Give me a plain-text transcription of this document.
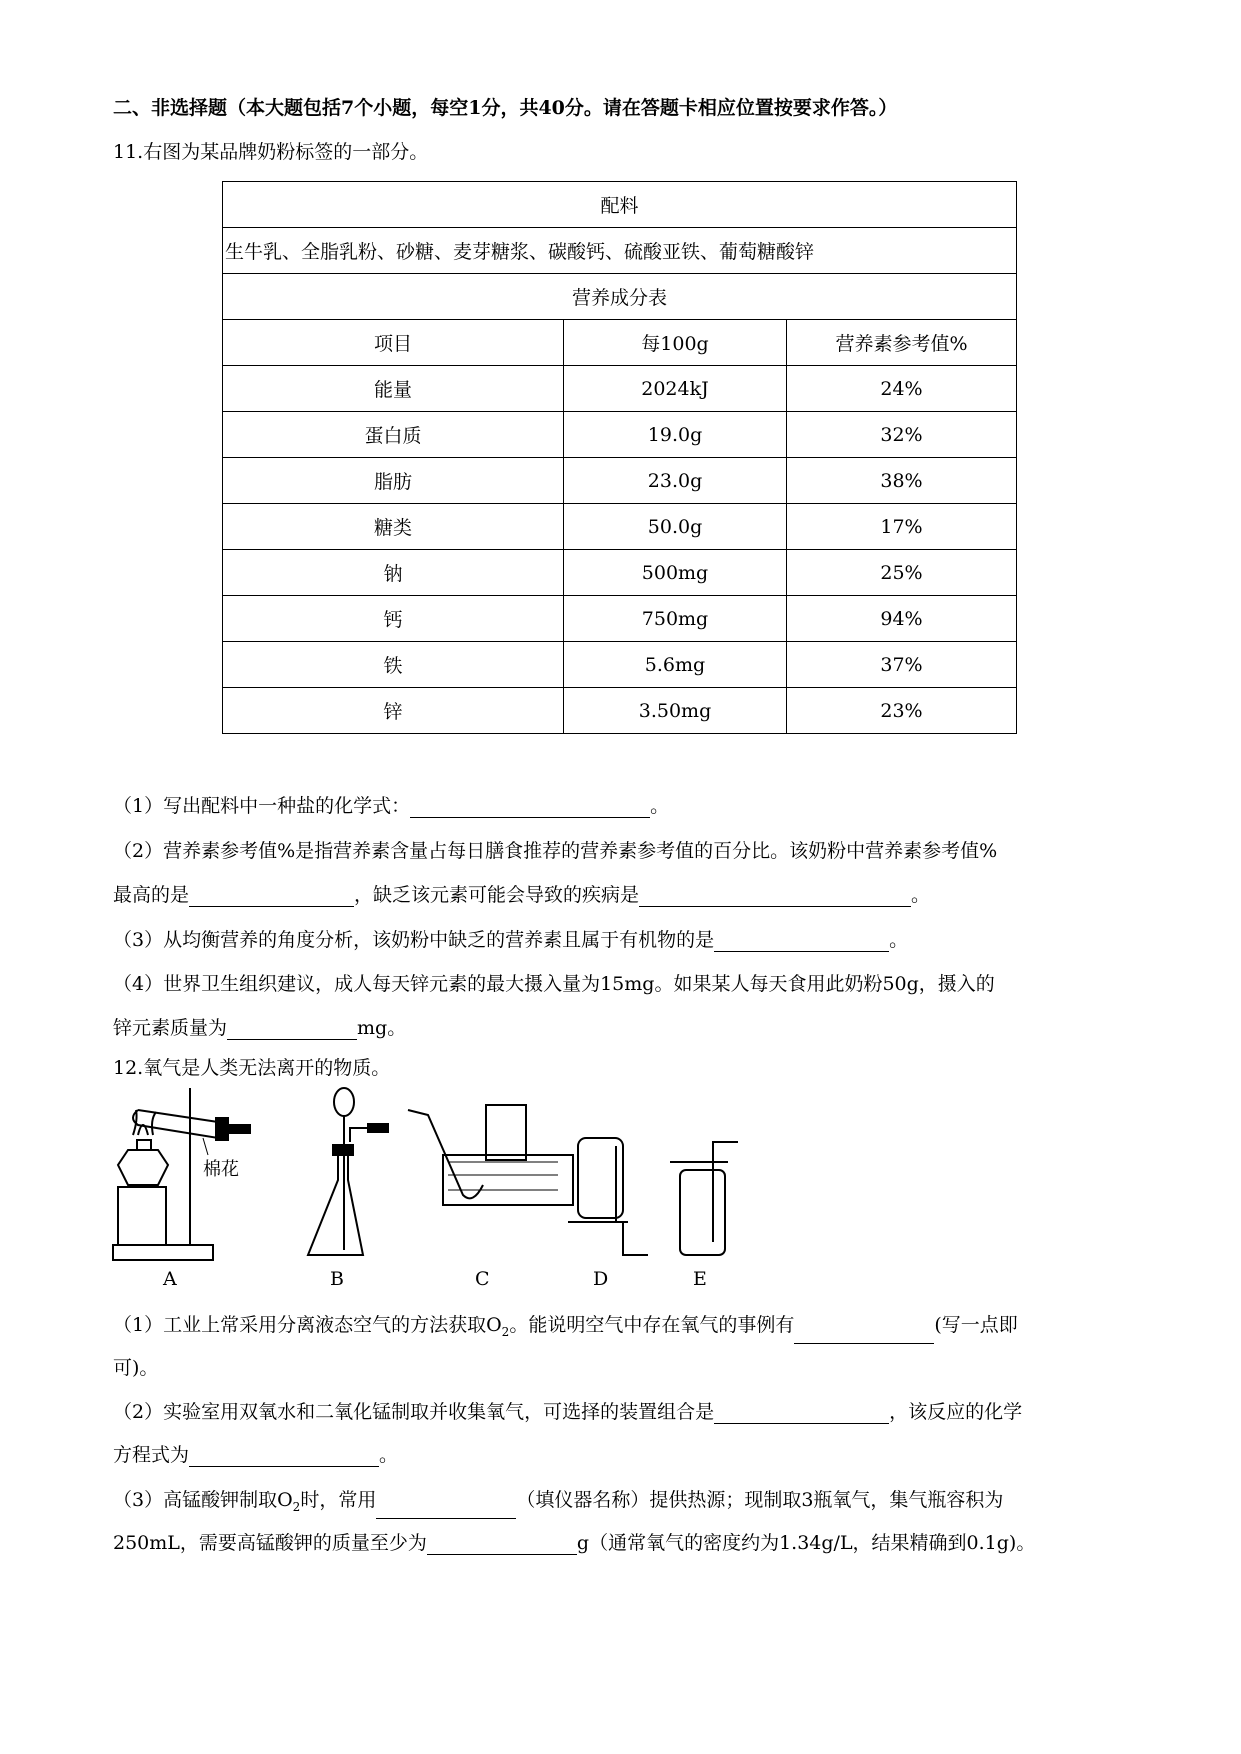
二、非选择题（本大题包括7个小题，每空1分，共40分。请在答题卡相应位置按要求作答。）
11.右图为某品牌奶粉标签的一部分。
配料		
生牛乳、全脂乳粉、砂糖、麦芽糖浆、碳酸钙、硫酸亚铁、葡萄糖酸锌		
营养成分表		
项目	每100g	营养素参考值%
能量	2024kJ	24%
蛋白质	19.0g	32%
脂肪	23.0g	38%
糖类	50.0g	17%
钠	500mg	25%
钙	750mg	94%
铁	5.6mg	37%
锌	3.50mg	23%
（1）写出配料中一种盐的化学式：	。
（2）营养素参考值%是指营养素含量占每日膳食推荐的营养素参考值的百分比。该奶粉中营养素参考值%
最高的是	，缺乏该元素可能会导致的疾病是	。
（3）从均衡营养的角度分析，该奶粉中缺乏的营养素且属于有机物的是	。
（4）世界卫生组织建议，成人每天锌元素的最大摄入量为15mg。如果某人每天食用此奶粉50g，摄入的
锌元素质量为	mg。
12.氧气是人类无法离开的物质。
棉花
A	B	C	D	E
（1）工业上常采用分离液态空气的方法获取$O_2$。能说明空气中存在氧气的事例有	(写一点即
可)。
（2）实验室用双氧水和二氧化锰制取并收集氧气，可选择的装置组合是	，该反应的化学
方程式为	。
（3）高锰酸钾制取$O_2$时，常用	（填仪器名称）提供热源；现制取3瓶氧气，集气瓶容积为
250mL，需要高锰酸钾的质量至少为	g（通常氧气的密度约为1.34g/L，结果精确到0.1g)。
